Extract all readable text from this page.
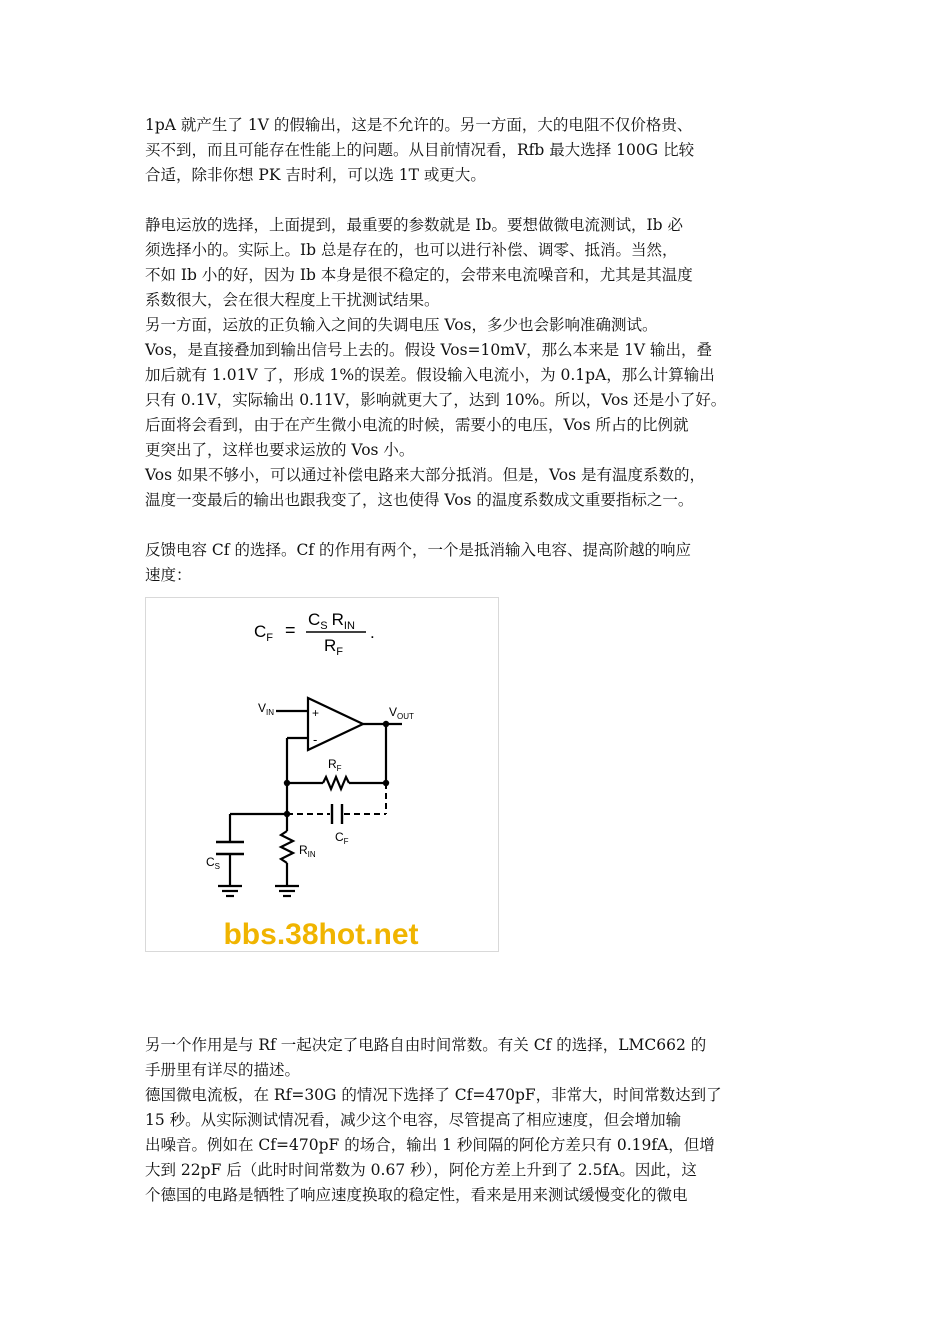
1pA 就产生了 1V 的假输出，这是不允许的。另一方面，大的电阻不仅价格贵、
买不到，而且可能存在性能上的问题。从目前情况看，Rfb 最大选择 100G 比较
合适，除非你想 PK 吉时利，可以选 1T 或更大。

静电运放的选择，上面提到，最重要的参数就是 Ib。要想做微电流测试，Ib 必
须选择小的。实际上。Ib 总是存在的，也可以进行补偿、调零、抵消。当然，
不如 Ib 小的好，因为 Ib 本身是很不稳定的，会带来电流噪音和，尤其是其温度
系数很大，会在很大程度上干扰测试结果。
另一方面，运放的正负输入之间的失调电压 Vos，多少也会影响准确测试。
Vos，是直接叠加到输出信号上去的。假设 Vos=10mV，那么本来是 1V 输出，叠
加后就有 1.01V 了，形成 1%的误差。假设输入电流小，为 0.1pA，那么计算输出
只有 0.1V，实际输出 0.11V，影响就更大了，达到 10%。所以，Vos 还是小了好。
后面将会看到，由于在产生微小电流的时候，需要小的电压，Vos 所占的比例就
更突出了，这样也要求运放的 Vos 小。
Vos 如果不够小，可以通过补偿电路来大部分抵消。但是，Vos 是有温度系数的，
温度一变最后的输出也跟我变了，这也使得 Vos 的温度系数成文重要指标之一。

反馈电容 Cf 的选择。Cf 的作用有两个，一个是抵消输入电容、提高阶越的响应
速度：

$C_F$ =
$C_S$ $R_{IN}$
$R_F$
.
$V_{IN}$	$V_{OUT}$
$R_F$
$C_F$
$C_S$
$R_{IN}$
+
-
bbs.38hot.net

另一个作用是与 Rf 一起决定了电路自由时间常数。有关 Cf 的选择，LMC662 的
手册里有详尽的描述。
德国微电流板，在 Rf=30G 的情况下选择了 Cf=470pF，非常大，时间常数达到了
15 秒。从实际测试情况看，减少这个电容，尽管提高了相应速度，但会增加输
出噪音。例如在 Cf=470pF 的场合，输出 1 秒间隔的阿伦方差只有 0.19fA，但增
大到 22pF 后（此时时间常数为 0.67 秒），阿伦方差上升到了 2.5fA。因此，这
个德国的电路是牺牲了响应速度换取的稳定性，看来是用来测试缓慢变化的微电
